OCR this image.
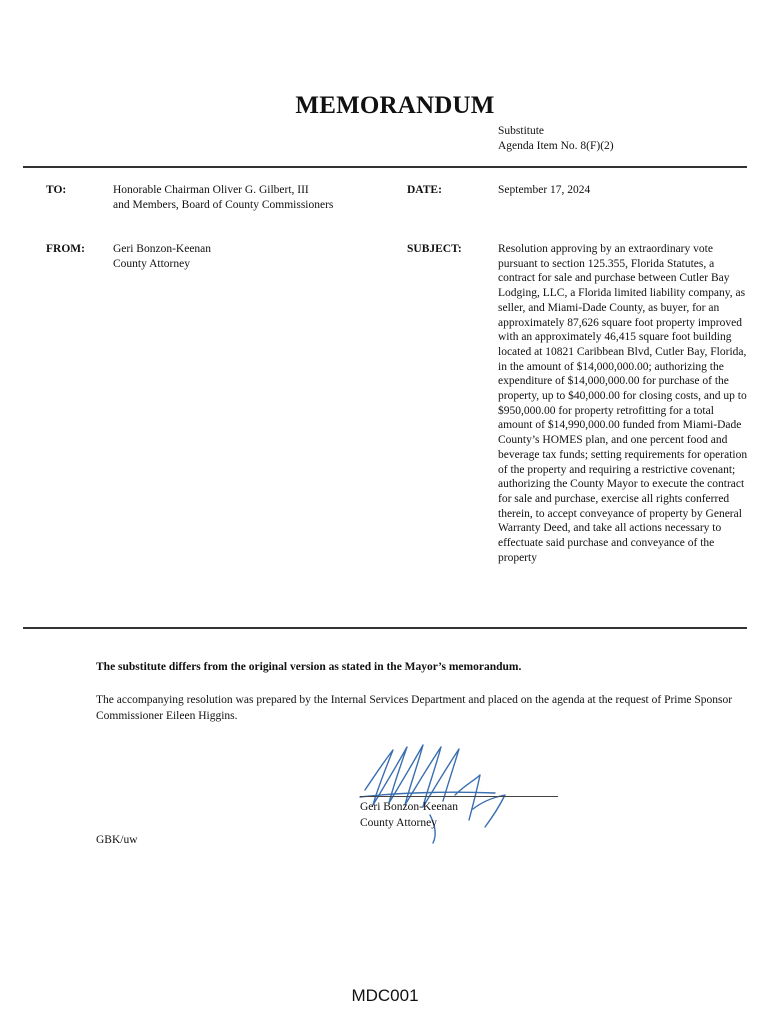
MEMORANDUM
Substitute
Agenda Item No. 8(F)(2)
TO:	Honorable Chairman Oliver G. Gilbert, III
and Members, Board of County Commissioners
DATE:	September 17, 2024
FROM: Geri Bonzon-Keenan
County Attorney
SUBJECT:	Resolution approving by an extraordinary vote pursuant to section 125.355, Florida Statutes, a contract for sale and purchase between Cutler Bay Lodging, LLC, a Florida limited liability company, as seller, and Miami-Dade County, as buyer, for an approximately 87,626 square foot property improved with an approximately 46,415 square foot building located at 10821 Caribbean Blvd, Cutler Bay, Florida, in the amount of $14,000,000.00; authorizing the expenditure of $14,000,000.00 for purchase of the property, up to $40,000.00 for closing costs, and up to $950,000.00 for property retrofitting for a total amount of $14,990,000.00 funded from Miami-Dade County’s HOMES plan, and one percent food and beverage tax funds; setting requirements for operation of the property and requiring a restrictive covenant; authorizing the County Mayor to execute the contract for sale and purchase, exercise all rights conferred therein, to accept conveyance of property by General Warranty Deed, and take all actions necessary to effectuate said purchase and conveyance of the property
The substitute differs from the original version as stated in the Mayor’s memorandum.
The accompanying resolution was prepared by the Internal Services Department and placed on the agenda at the request of Prime Sponsor Commissioner Eileen Higgins.
Geri Bonzon-Keenan
County Attorney
GBK/uw
MDC001
